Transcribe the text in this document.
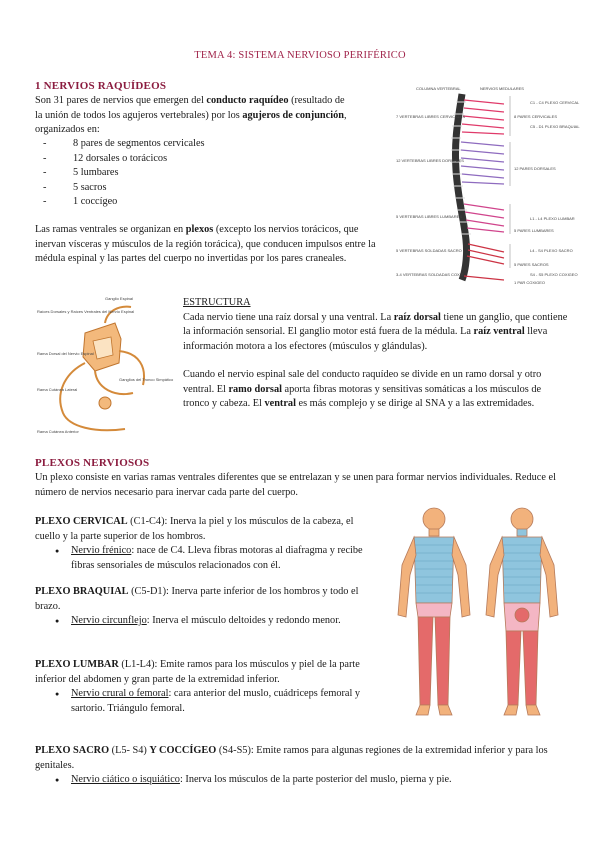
TEMA 4: SISTEMA NERVIOSO PERIFÉRICO
1 NERVIOS RAQUÍDEOS
Son 31 pares de nervios que emergen del conducto raquídeo (resultado de la unión de todos los agujeros vertebrales) por los agujeros de conjunción, organizados en:
- 8 pares de segmentos cervicales
- 12 dorsales o torácicos
- 5 lumbares
- 5 sacros
- 1 coccígeo
Las ramas ventrales se organizan en plexos (excepto los nervios torácicos, que inervan vísceras y músculos de la región torácica), que conducen impulsos entre la médula espinal y las partes del cuerpo no invertidas por los pares craneales.
COLUMNA VERTEBRAL	NERVIOS MEDULARES
7 VERTEBRAS LIBRES CERVICALES
12 VERTEBRAS LIBRES DORSALES
5 VERTEBRAS LIBRES LUMBARES
5 VERTEBRAS SOLDADAS SACRO
3-4 VERTEBRAS SOLDADAS COXIS
C1 - C4 PLEXO CERVICAL
C5 - D1 PLEXO BRAQUIAL
8 PARES CERVICALES
12 PARES DORSALES
L1 - L4 PLEXO LUMBAR
5 PARES LUMBARES
L4 - S4 PLEXO SACRO
5 PARES SACROS
S4 - S5 PLEXO COXIGEO
1 PAR COXIGEO
Ganglio Espinal
Raíces Dorsales y Raíces Ventrales del Nervio Espinal
Rama Dorsal del Nervio Espinal
Rama Cutánea Lateral
Ganglios del Tronco Simpático
Rama Cutánea Anterior
ESTRUCTURA
Cada nervio tiene una raíz dorsal y una ventral. La raíz dorsal tiene un ganglio, que contiene la información sensorial. El ganglio motor está fuera de la médula. La raíz ventral lleva información motora a los efectores (músculos y glándulas).
Cuando el nervio espinal sale del conducto raquídeo se divide en un ramo dorsal y otro ventral. El ramo dorsal aporta fibras motoras y sensitivas somáticas a los músculos de tronco y cabeza. El ventral es más complejo y se dirige al SNA y a las extremidades.
PLEXOS NERVIOSOS
Un plexo consiste en varias ramas ventrales diferentes que se entrelazan y se unen para formar nervios individuales. Reduce el número de nervios necesario para inervar cada parte del cuerpo.
PLEXO CERVICAL (C1-C4): Inerva la piel y los músculos de la cabeza, el cuello y la parte superior de los hombros.
● Nervio frénico: nace de C4. Lleva fibras motoras al diafragma y recibe fibras sensoriales de músculos relacionados con él.
PLEXO BRAQUIAL (C5-D1): Inerva parte inferior de los hombros y todo el brazo.
● Nervio circunflejo: Inerva el músculo deltoides y redondo menor.
PLEXO LUMBAR (L1-L4): Emite ramos para los músculos y piel de la parte inferior del abdomen y gran parte de la extremidad inferior.
● Nervio crural o femoral: cara anterior del muslo, cuádriceps femoral y sartorio. Triángulo femoral.
PLEXO SACRO (L5- S4) Y COCCÍGEO (S4-S5): Emite ramos para algunas regiones de la extremidad inferior y para los genitales.
● Nervio ciático o isquiático: Inerva los músculos de la parte posterior del muslo, pierna y pie.
